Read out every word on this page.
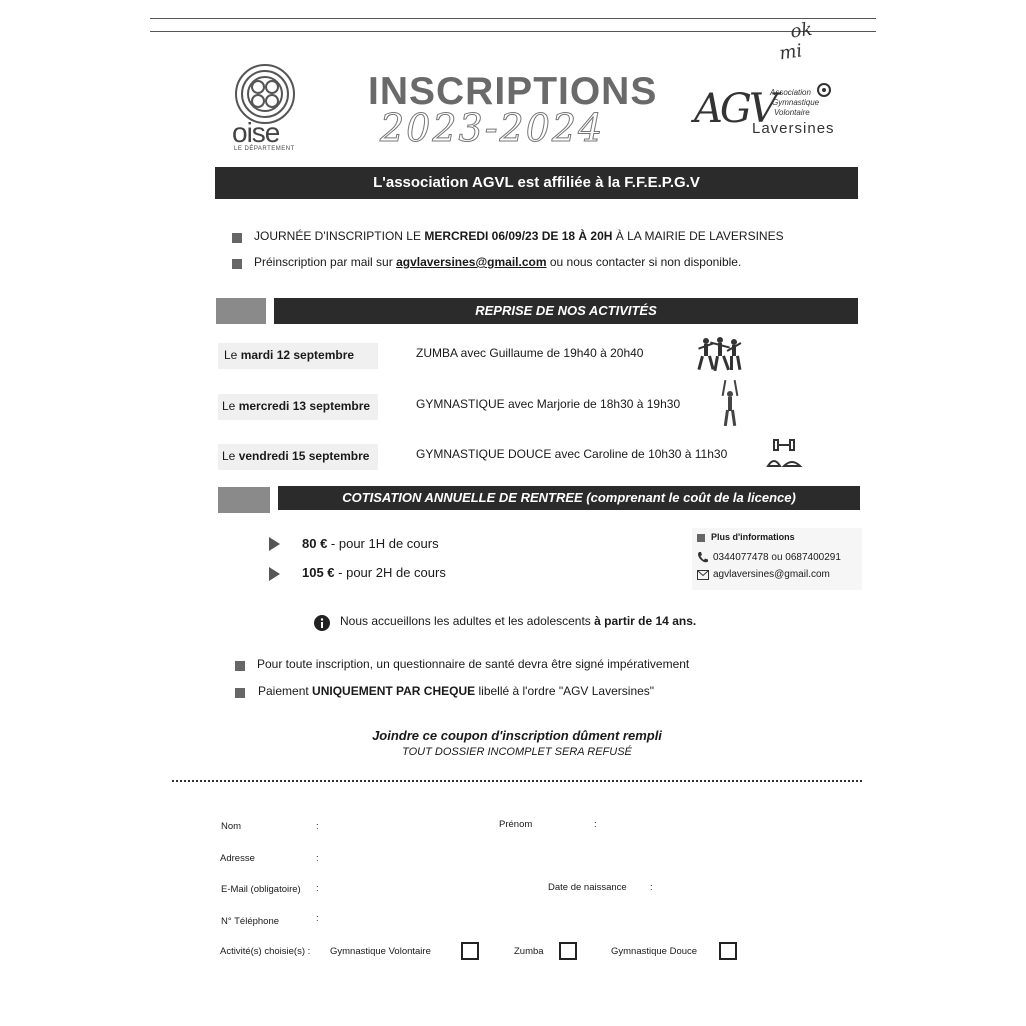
ok
mi
oise
LE DÉPARTEMENT
INSCRIPTIONS
2023-2024 AGV
Association
Gymnastique
Volontaire
Laversines
L'association AGVL est affiliée à la F.F.E.P.G.V
JOURNÉE D'INSCRIPTION LE MERCREDI 06/09/23 DE 18 À 20H À LA MAIRIE DE LAVERSINES
Préinscription par mail sur agvlaversines@gmail.com ou nous contacter si non disponible.
REPRISE DE NOS ACTIVITÉS
Le mardi 12 septembre	ZUMBA avec Guillaume de 19h40 à 20h40
Le mercredi 13 septembre	GYMNASTIQUE avec Marjorie de 18h30 à 19h30
Le vendredi 15 septembre	GYMNASTIQUE DOUCE avec Caroline de 10h30 à 11h30
COTISATION ANNUELLE DE RENTREE (comprenant le coût de la licence)
80 € - pour 1H de cours
105 € - pour 2H de cours
Plus d'informations
0344077478 ou 0687400291
agvlaversines@gmail.com
Nous accueillons les adultes et les adolescents à partir de 14 ans.
Pour toute inscription, un questionnaire de santé devra être signé impérativement
Paiement UNIQUEMENT PAR CHEQUE libellé à l'ordre "AGV Laversines"
Joindre ce coupon d'inscription dûment rempli
TOUT DOSSIER INCOMPLET SERA REFUSÉ
Nom	:	Prénom	:
Adresse	:
E-Mail (obligatoire) :	Date de naissance :
N° Téléphone	:
Activité(s) choisie(s) : Gymnastique Volontaire	Zumba	Gymnastique Douce
